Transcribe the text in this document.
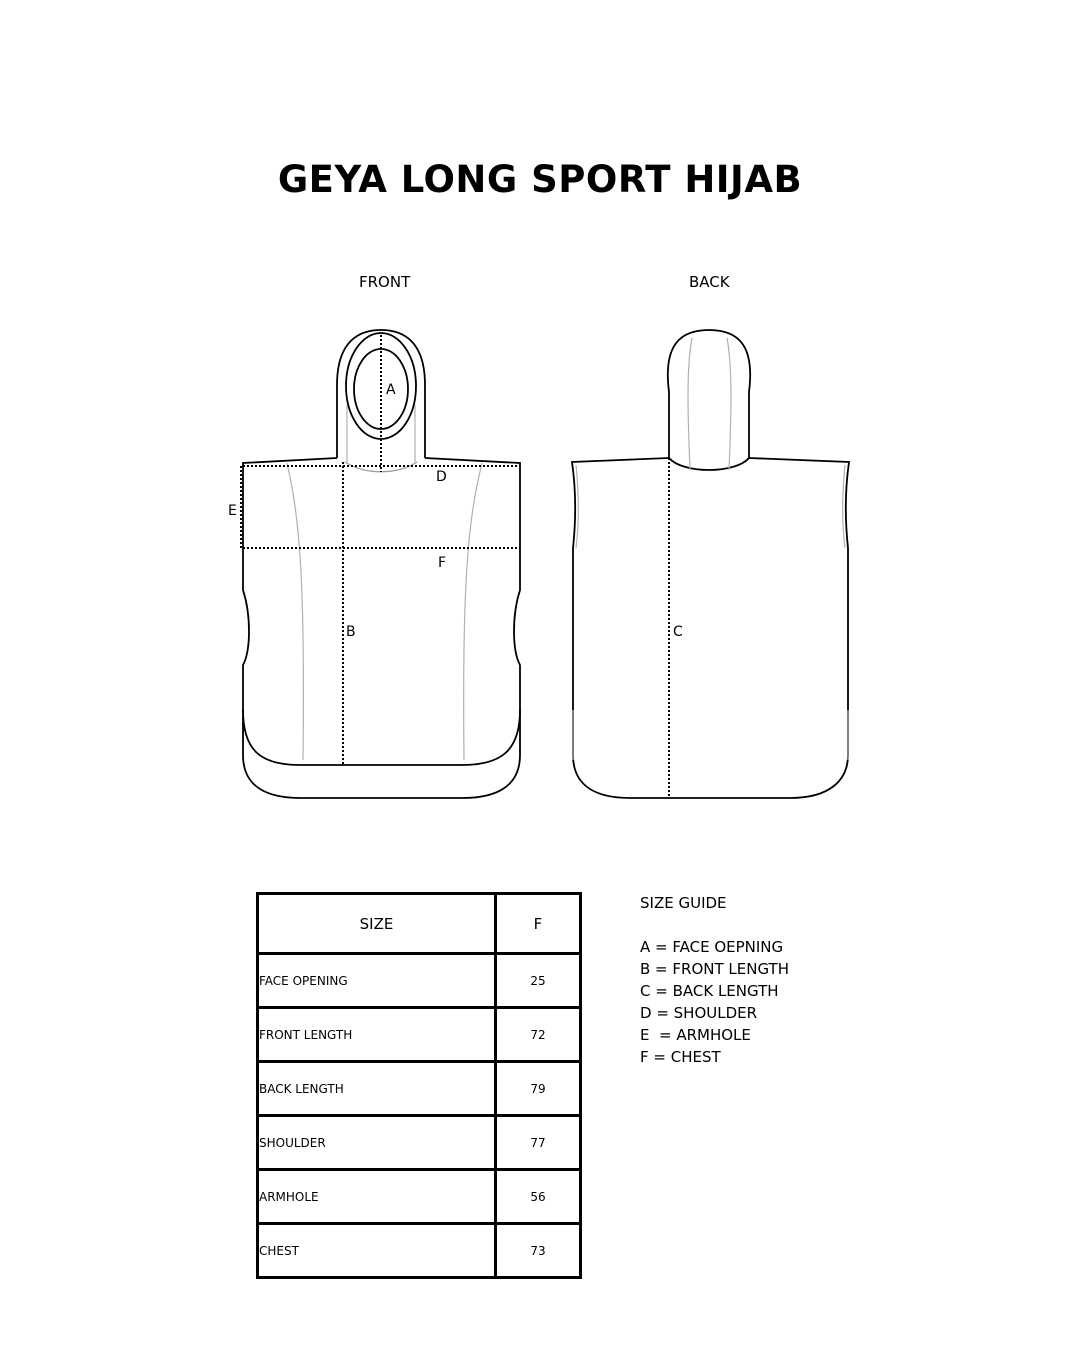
GEYA LONG SPORT HIJAB
FRONT	BACK
A
D
E
F
B	C
SIZE	F
FACE OPENING	25
FRONT LENGTH	72
BACK LENGTH	79
SHOULDER	77
ARMHOLE	56
CHEST	73
SIZE GUIDE
A = FACE OEPNING
B = FRONT LENGTH
C = BACK LENGTH
D = SHOULDER
E  = ARMHOLE
F = CHEST
